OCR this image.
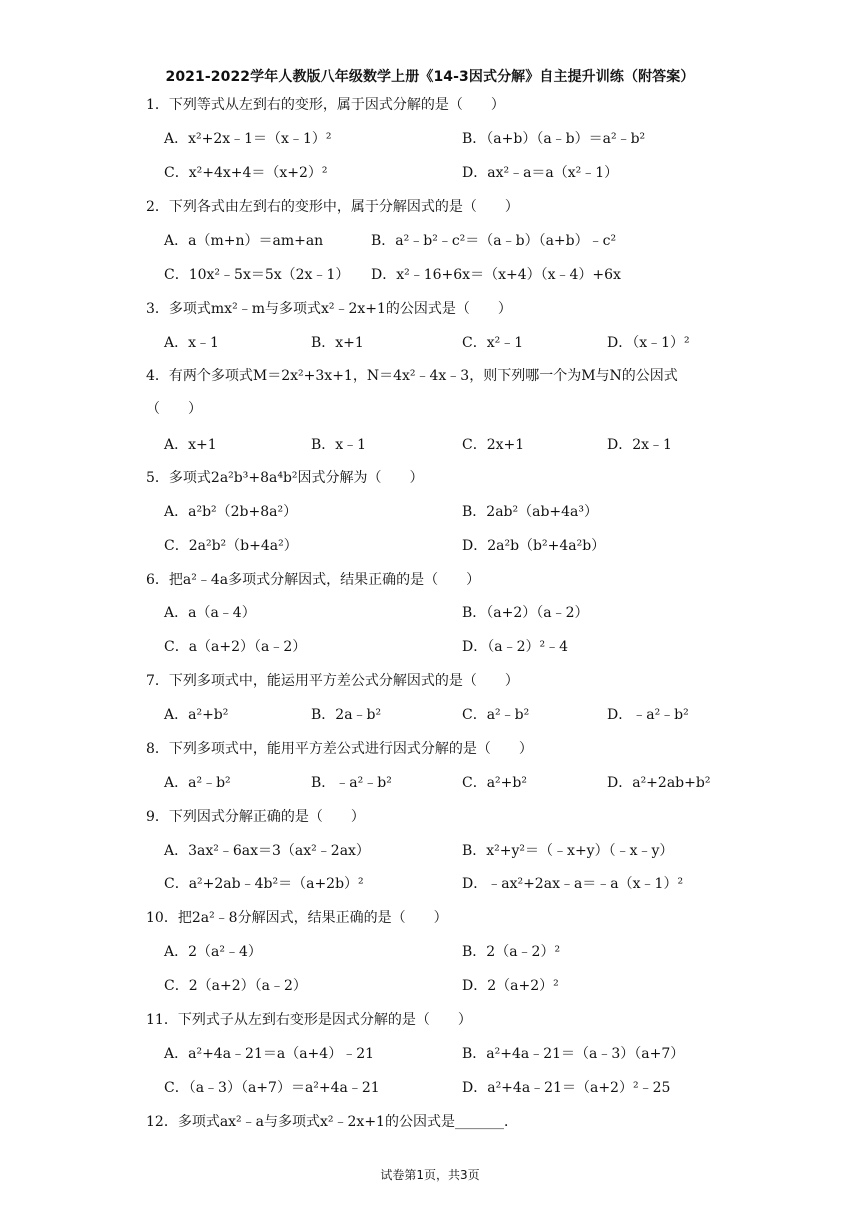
2021-2022学年人教版八年级数学上册《14-3因式分解》自主提升训练（附答案）
1．下列等式从左到右的变形，属于因式分解的是（　　）
A．x²+2x﹣1＝（x﹣1）²	B．（a+b）（a﹣b）＝a²﹣b²
C．x²+4x+4＝（x+2）²	D．ax²﹣a＝a（x²﹣1）
2．下列各式由左到右的变形中，属于分解因式的是（　　）
A．a（m+n）＝am+an	B．a²﹣b²﹣c²＝（a﹣b）（a+b）﹣c²
C．10x²﹣5x＝5x（2x﹣1） D．x²﹣16+6x＝（x+4）（x﹣4）+6x
3．多项式mx²﹣m与多项式x²﹣2x+1的公因式是（　　）
A．x﹣1	B．x+1	C．x²﹣1	D．（x﹣1）²
4．有两个多项式M＝2x²+3x+1，N＝4x²﹣4x﹣3，则下列哪一个为M与N的公因式（　　）
A．x+1	B．x﹣1	C．2x+1	D．2x﹣1
5．多项式2a²b³+8a⁴b²因式分解为（　　）
A．a²b²（2b+8a²）	B．2ab²（ab+4a³）
C．2a²b²（b+4a²）	D．2a²b（b²+4a²b）
6．把a²﹣4a多项式分解因式，结果正确的是（　　）
A．a（a﹣4）	B．（a+2）（a﹣2）
C．a（a+2）（a﹣2）	D．（a﹣2）²﹣4
7．下列多项式中，能运用平方差公式分解因式的是（　　）
A．a²+b²	B．2a﹣b²	C．a²﹣b²	D．﹣a²﹣b²
8．下列多项式中，能用平方差公式进行因式分解的是（　　）
A．a²﹣b²	B．﹣a²﹣b²	C．a²+b²	D．a²+2ab+b²
9．下列因式分解正确的是（　　）
A．3ax²﹣6ax＝3（ax²﹣2ax）	B．x²+y²＝（﹣x+y）（﹣x﹣y）
C．a²+2ab﹣4b²＝（a+2b）²	D．﹣ax²+2ax﹣a＝﹣a（x﹣1）²
10．把2a²﹣8分解因式，结果正确的是（　　）
A．2（a²﹣4）	B．2（a﹣2）²
C．2（a+2）（a﹣2）	D．2（a+2）²
11．下列式子从左到右变形是因式分解的是（　　）
A．a²+4a﹣21＝a（a+4）﹣21	B．a²+4a﹣21＝（a﹣3）（a+7）
C．（a﹣3）（a+7）＝a²+4a﹣21	D．a²+4a﹣21＝（a+2）²﹣25
12．多项式ax²﹣a与多项式x²﹣2x+1的公因式是_______．
试卷第1页，共3页
